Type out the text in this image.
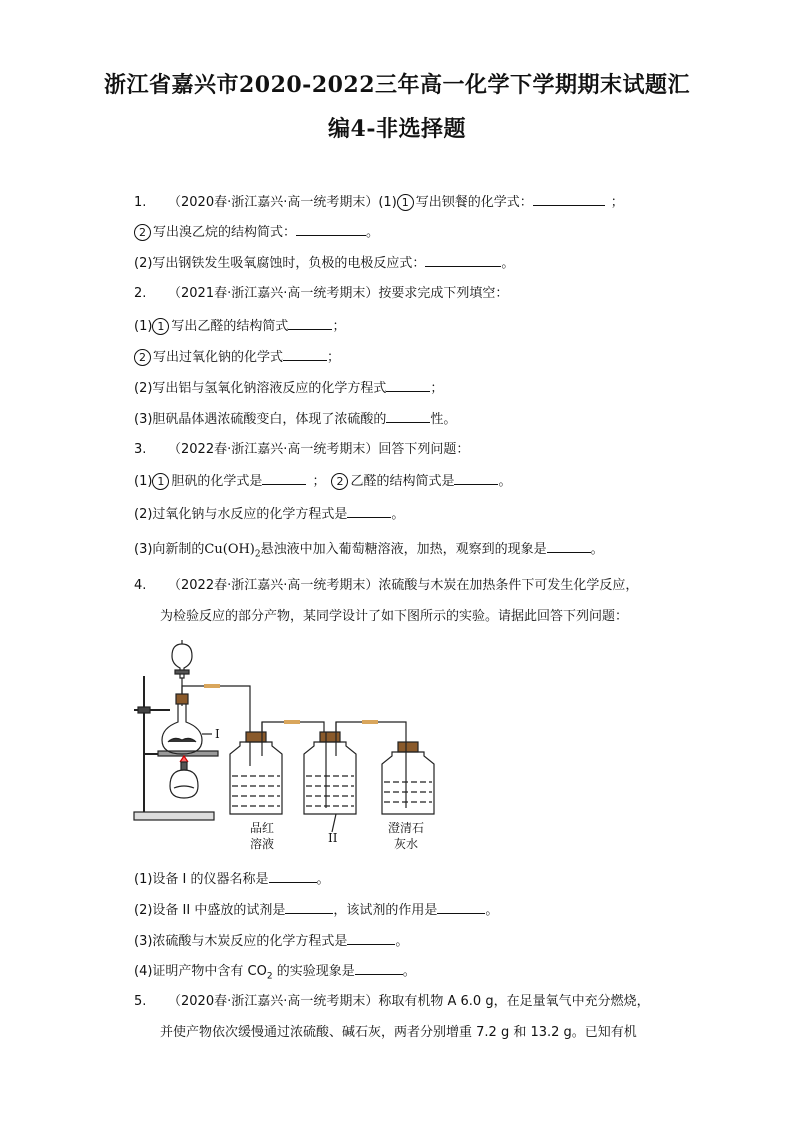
浙江省嘉兴市2020-2022三年高一化学下学期期末试题汇
编4-非选择题
1. （2020春·浙江嘉兴·高一统考期末）(1) 1 写出钡餐的化学式：	；
2 写出溴乙烷的结构简式：	。
(2)写出钢铁发生吸氧腐蚀时，负极的电极反应式：	。
2. （2021春·浙江嘉兴·高一统考期末）按要求完成下列填空：
(1) 1 写出乙醛的结构简式	；
2 写出过氧化钠的化学式	；
(2)写出铝与氢氧化钠溶液反应的化学方程式	；
(3)胆矾晶体遇浓硫酸变白，体现了浓硫酸的	性。
3. （2022春·浙江嘉兴·高一统考期末）回答下列问题：
(1) 1 胆矾的化学式是	； 2 乙醛的结构简式是	。
(2)过氧化钠与水反应的化学方程式是	。
(3)向新制的$Cu(OH)_2$悬浊液中加入葡萄糖溶液，加热，观察到的现象是	。
4. （2022春·浙江嘉兴·高一统考期末）浓硫酸与木炭在加热条件下可发生化学反应，
为检验反应的部分产物，某同学设计了如下图所示的实验。请据此回答下列问题：
I
品红
溶液	II
澄清石
灰水
(1)设备 I 的仪器名称是	。
(2)设备 II 中盛放的试剂是	，该试剂的作用是	。
(3)浓硫酸与木炭反应的化学方程式是	。
(4)证明产物中含有 $CO_2$ 的实验现象是	。
5. （2020春·浙江嘉兴·高一统考期末）称取有机物 A 6.0 g，在足量氧气中充分燃烧，
并使产物依次缓慢通过浓硫酸、碱石灰，两者分别增重 7.2 g 和 13.2 g。已知有机
